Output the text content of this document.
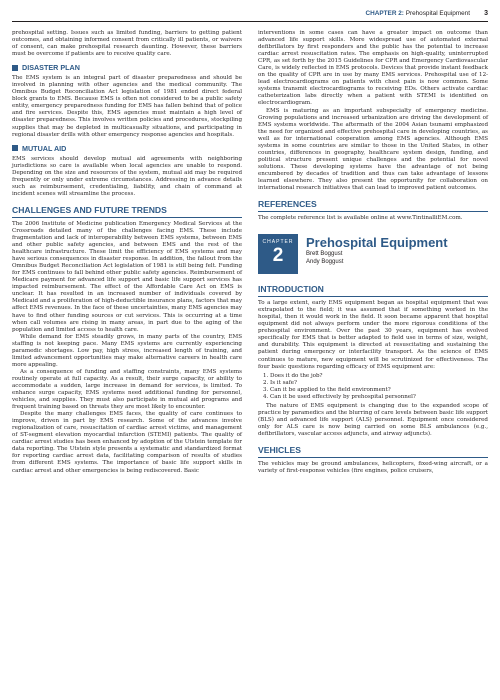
CHAPTER 2: Prehospital Equipment 3

prehospital setting. Issues such as limited funding, barriers to getting patient outcomes, and obtaining informed consent from critically ill patients, or waivers of consent, can make prehospital research daunting. However, these barriers must be overcome if patients are to receive quality care.

DISASTER PLAN

The EMS system is an integral part of disaster preparedness and should be involved in planning with other agencies and the medical community. The Omnibus Budget Reconciliation Act legislation of 1981 ended direct federal block grants to EMS. Because EMS is often not considered to be a public safety entity, emergency preparedness funding for EMS has fallen behind that of police and fire services. Despite this, EMS agencies must maintain a high level of disaster preparedness. This involves written policies and procedures, stockpiling supplies that may be depleted in multicasualty situations, and participating in regional disaster drills with other emergency response agencies and hospitals.

MUTUAL AID

EMS services should develop mutual aid agreements with neighboring jurisdictions so care is available when local agencies are unable to respond. Depending on the size and resources of the system, mutual aid may be required frequently or only under extreme circumstances. Addressing in advance details such as reimbursement, credentialing, liability, and chain of command at incident scenes will streamline the process.

CHALLENGES AND FUTURE TRENDS

The 2006 Institute of Medicine publication Emergency Medical Services at the Crossroads detailed many of the challenges facing EMS. These include fragmentation and lack of interoperability between EMS systems, between EMS and other public safety agencies, and between EMS and the rest of the healthcare infrastructure. These limit the efficiency of EMS systems and may have serious consequences in disaster response. In addition, the fallout from the Omnibus Budget Reconciliation Act legislation of 1981 is still being felt. Funding for EMS continues to fall behind other public safety agencies. Reimbursement of Medicare payment for advanced life support and basic life support services has impacted reimbursement. The effect of the Affordable Care Act on EMS is unclear. It has resulted in an increased number of individuals covered by Medicaid and a proliferation of high-deductible insurance plans, factors that may affect EMS revenues. In the face of these uncertainties, many EMS agencies may have to find other funding sources or cut services. This is occurring at a time when call volumes are rising in many areas, in part due to the aging of the population and limited access to health care.

While demand for EMS steadily grows, in many parts of the country, EMS staffing is not keeping pace. Many EMS systems are currently experiencing paramedic shortages. Low pay, high stress, increased length of training, and limited advancement opportunities may make alternative careers in health care more appealing.

As a consequence of funding and staffing constraints, many EMS systems routinely operate at full capacity. As a result, their surge capacity, or ability to accommodate a sudden, large increase in demand for services, is limited. To enhance surge capacity, EMS systems need additional funding for personnel, vehicles, and supplies. They must also participate in mutual aid programs and frequent training based on threats they are most likely to encounter.

Despite the many challenges EMS faces, the quality of care continues to improve, driven in part by EMS research. Some of the advances involve regionalization of care, resuscitation of cardiac arrest victims, and management of ST-segment elevation myocardial infarction (STEMI) patients. The quality of cardiac arrest studies has been enhanced by adoption of the Utstein template for data reporting. The Utstein style presents a systematic and standardized format for reporting cardiac arrest data, facilitating comparison of results of studies from different EMS systems. The importance of basic life support skills in cardiac arrest and other emergencies is being rediscovered. Basic

interventions in some cases can have a greater impact on outcome than advanced life support skills. More widespread use of automated external defibrillators by first responders and the public has the potential to increase cardiac arrest resuscitation rates. The emphasis on high-quality, uninterrupted CPR, as set forth by the 2015 Guidelines for CPR and Emergency Cardiovascular Care, is widely reflected in EMS protocols. Devices that provide instant feedback on the quality of CPR are in use by many EMS services. Prehospital use of 12-lead electrocardiograms on patients with chest pain is now common. Some systems transmit electrocardiograms to receiving EDs. Others activate cardiac catheterization labs directly when a patient with STEMI is identified on electrocardiogram.

EMS is maturing as an important subspecialty of emergency medicine. Growing populations and increased urbanization are driving the development of EMS systems worldwide. The aftermath of the 2004 Asian tsunami emphasized the need for organized and effective prehospital care in developing countries, as well as for international cooperation among EMS agencies. Although EMS systems in some countries are similar to those in the United States, in other countries, differences in geography, healthcare system design, funding, and political structure present unique challenges and the potential for novel solutions. These developing systems have the advantage of not being encumbered by decades of tradition and thus can take advantage of lessons learned elsewhere. They also present the opportunity for collaboration on international research initiatives that can lead to improved patient outcomes.

REFERENCES

The complete reference list is available online at www.TintinalliEM.com.

CHAPTER
2
Prehospital Equipment
Brett Boggust
Andy Boggust
INTRODUCTION

To a large extent, early EMS equipment began as hospital equipment that was extrapolated to the field; it was assumed that if something worked in the hospital, then it would work in the field. It soon became apparent that hospital equipment did not always perform under the more rigorous conditions of the prehospital environment. Over the past 30 years, equipment has evolved specifically for EMS that is better adapted to field use in terms of size, weight, and durability. This equipment is directed at resuscitating and sustaining the patient during emergency or interfacility transport. As the science of EMS continues to mature, new equipment will be scrutinized for effectiveness. The four basic questions regarding efficacy of EMS equipment are:

1. Does it do the job?
2. Is it safe?
3. Can it be applied to the field environment?
4. Can it be used effectively by prehospital personnel?

The nature of EMS equipment is changing due to the expanded scope of practice by paramedics and the blurring of care levels between basic life support (BLS) and advanced life support (ALS) personnel. Equipment once considered only for ALS care is now being carried on some BLS ambulances (e.g., defibrillators, vascular access adjuncts, and airway adjuncts).

VEHICLES

The vehicles may be ground ambulances, helicopters, fixed-wing aircraft, or a variety of first-response vehicles (fire engines, police cruisers,
